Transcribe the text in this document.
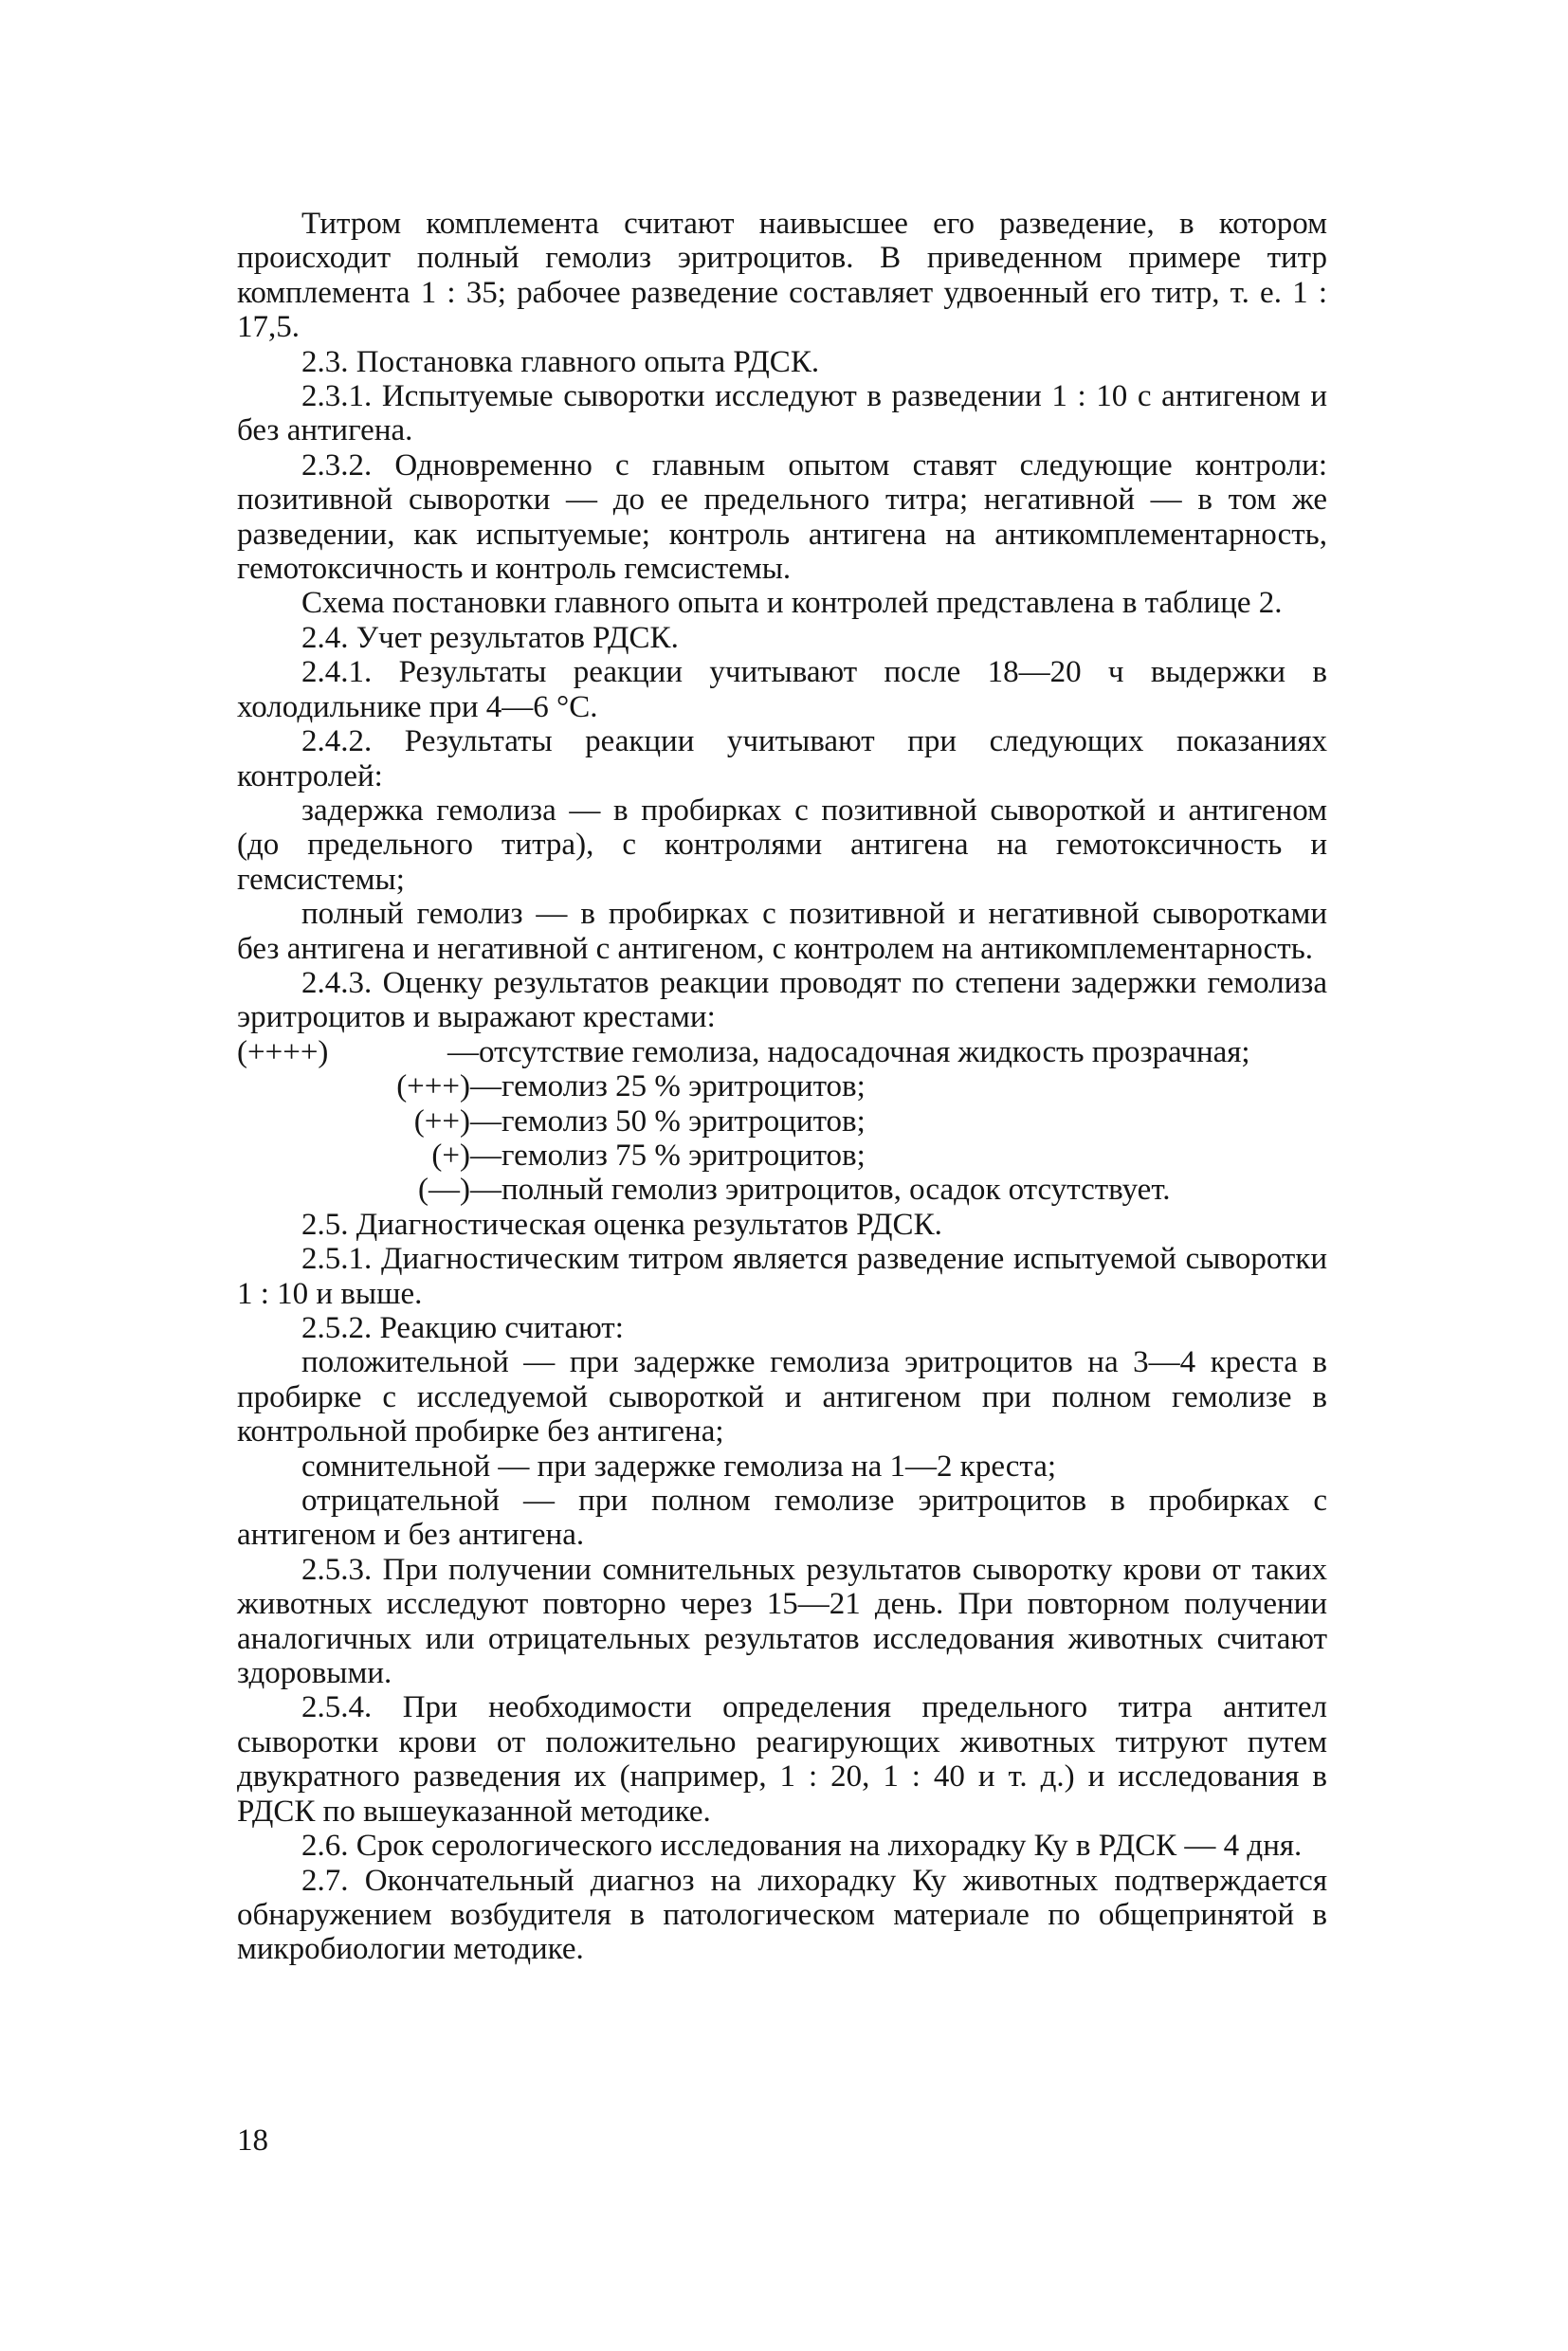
Титром комплемента считают наивысшее его разведение, в котором происходит полный гемолиз эритроцитов. В приведенном примере титр комплемента 1 : 35; рабочее разведение составляет удвоенный его титр, т. е. 1 : 17,5.

2.3. Постановка главного опыта РДСК.

2.3.1. Испытуемые сыворотки исследуют в разведении 1 : 10 с антигеном и без антигена.

2.3.2. Одновременно с главным опытом ставят следующие контроли: позитивной сыворотки — до ее предельного титра; негативной — в том же разведении, как испытуемые; контроль антигена на антикомплементарность, гемотоксичность и контроль гемсистемы.

Схема постановки главного опыта и контролей представлена в таблице 2.

2.4. Учет результатов РДСК.

2.4.1. Результаты реакции учитывают после 18—20 ч выдержки в холодильнике при 4—6 °С.

2.4.2. Результаты реакции учитывают при следующих показаниях контролей:

задержка гемолиза — в пробирках с позитивной сывороткой и антигеном (до предельного титра), с контролями антигена на гемотоксичность и гемсистемы;

полный гемолиз — в пробирках с позитивной и негативной сыворотками без антигена и негативной с антигеном, с контролем на антикомплементарность.

2.4.3. Оценку результатов реакции проводят по степени задержки гемолиза эритроцитов и выражают крестами:

(++++)	— отсутствие гемолиза, надосадочная жидкость прозрачная;
(+++) — гемолиз 25 % эритроцитов;
(++) — гемолиз 50 % эритроцитов;
(+) — гемолиз 75 % эритроцитов;
(—) — полный гемолиз эритроцитов, осадок отсутствует.

2.5. Диагностическая оценка результатов РДСК.

2.5.1. Диагностическим титром является разведение испытуемой сыворотки 1 : 10 и выше.

2.5.2. Реакцию считают:

положительной — при задержке гемолиза эритроцитов на 3—4 креста в пробирке с исследуемой сывороткой и антигеном при полном гемолизе в контрольной пробирке без антигена;

сомнительной — при задержке гемолиза на 1—2 креста;

отрицательной — при полном гемолизе эритроцитов в пробирках с антигеном и без антигена.

2.5.3. При получении сомнительных результатов сыворотку крови от таких животных исследуют повторно через 15—21 день. При повторном получении аналогичных или отрицательных результатов исследования животных считают здоровыми.

2.5.4. При необходимости определения предельного титра антител сыворотки крови от положительно реагирующих животных титруют путем двукратного разведения их (например, 1 : 20, 1 : 40 и т. д.) и исследования в РДСК по вышеуказанной методике.

2.6. Срок серологического исследования на лихорадку Ку в РДСК — 4 дня.

2.7. Окончательный диагноз на лихорадку Ку животных подтверждается обнаружением возбудителя в патологическом материале по общепринятой в микробиологии методике.

18
